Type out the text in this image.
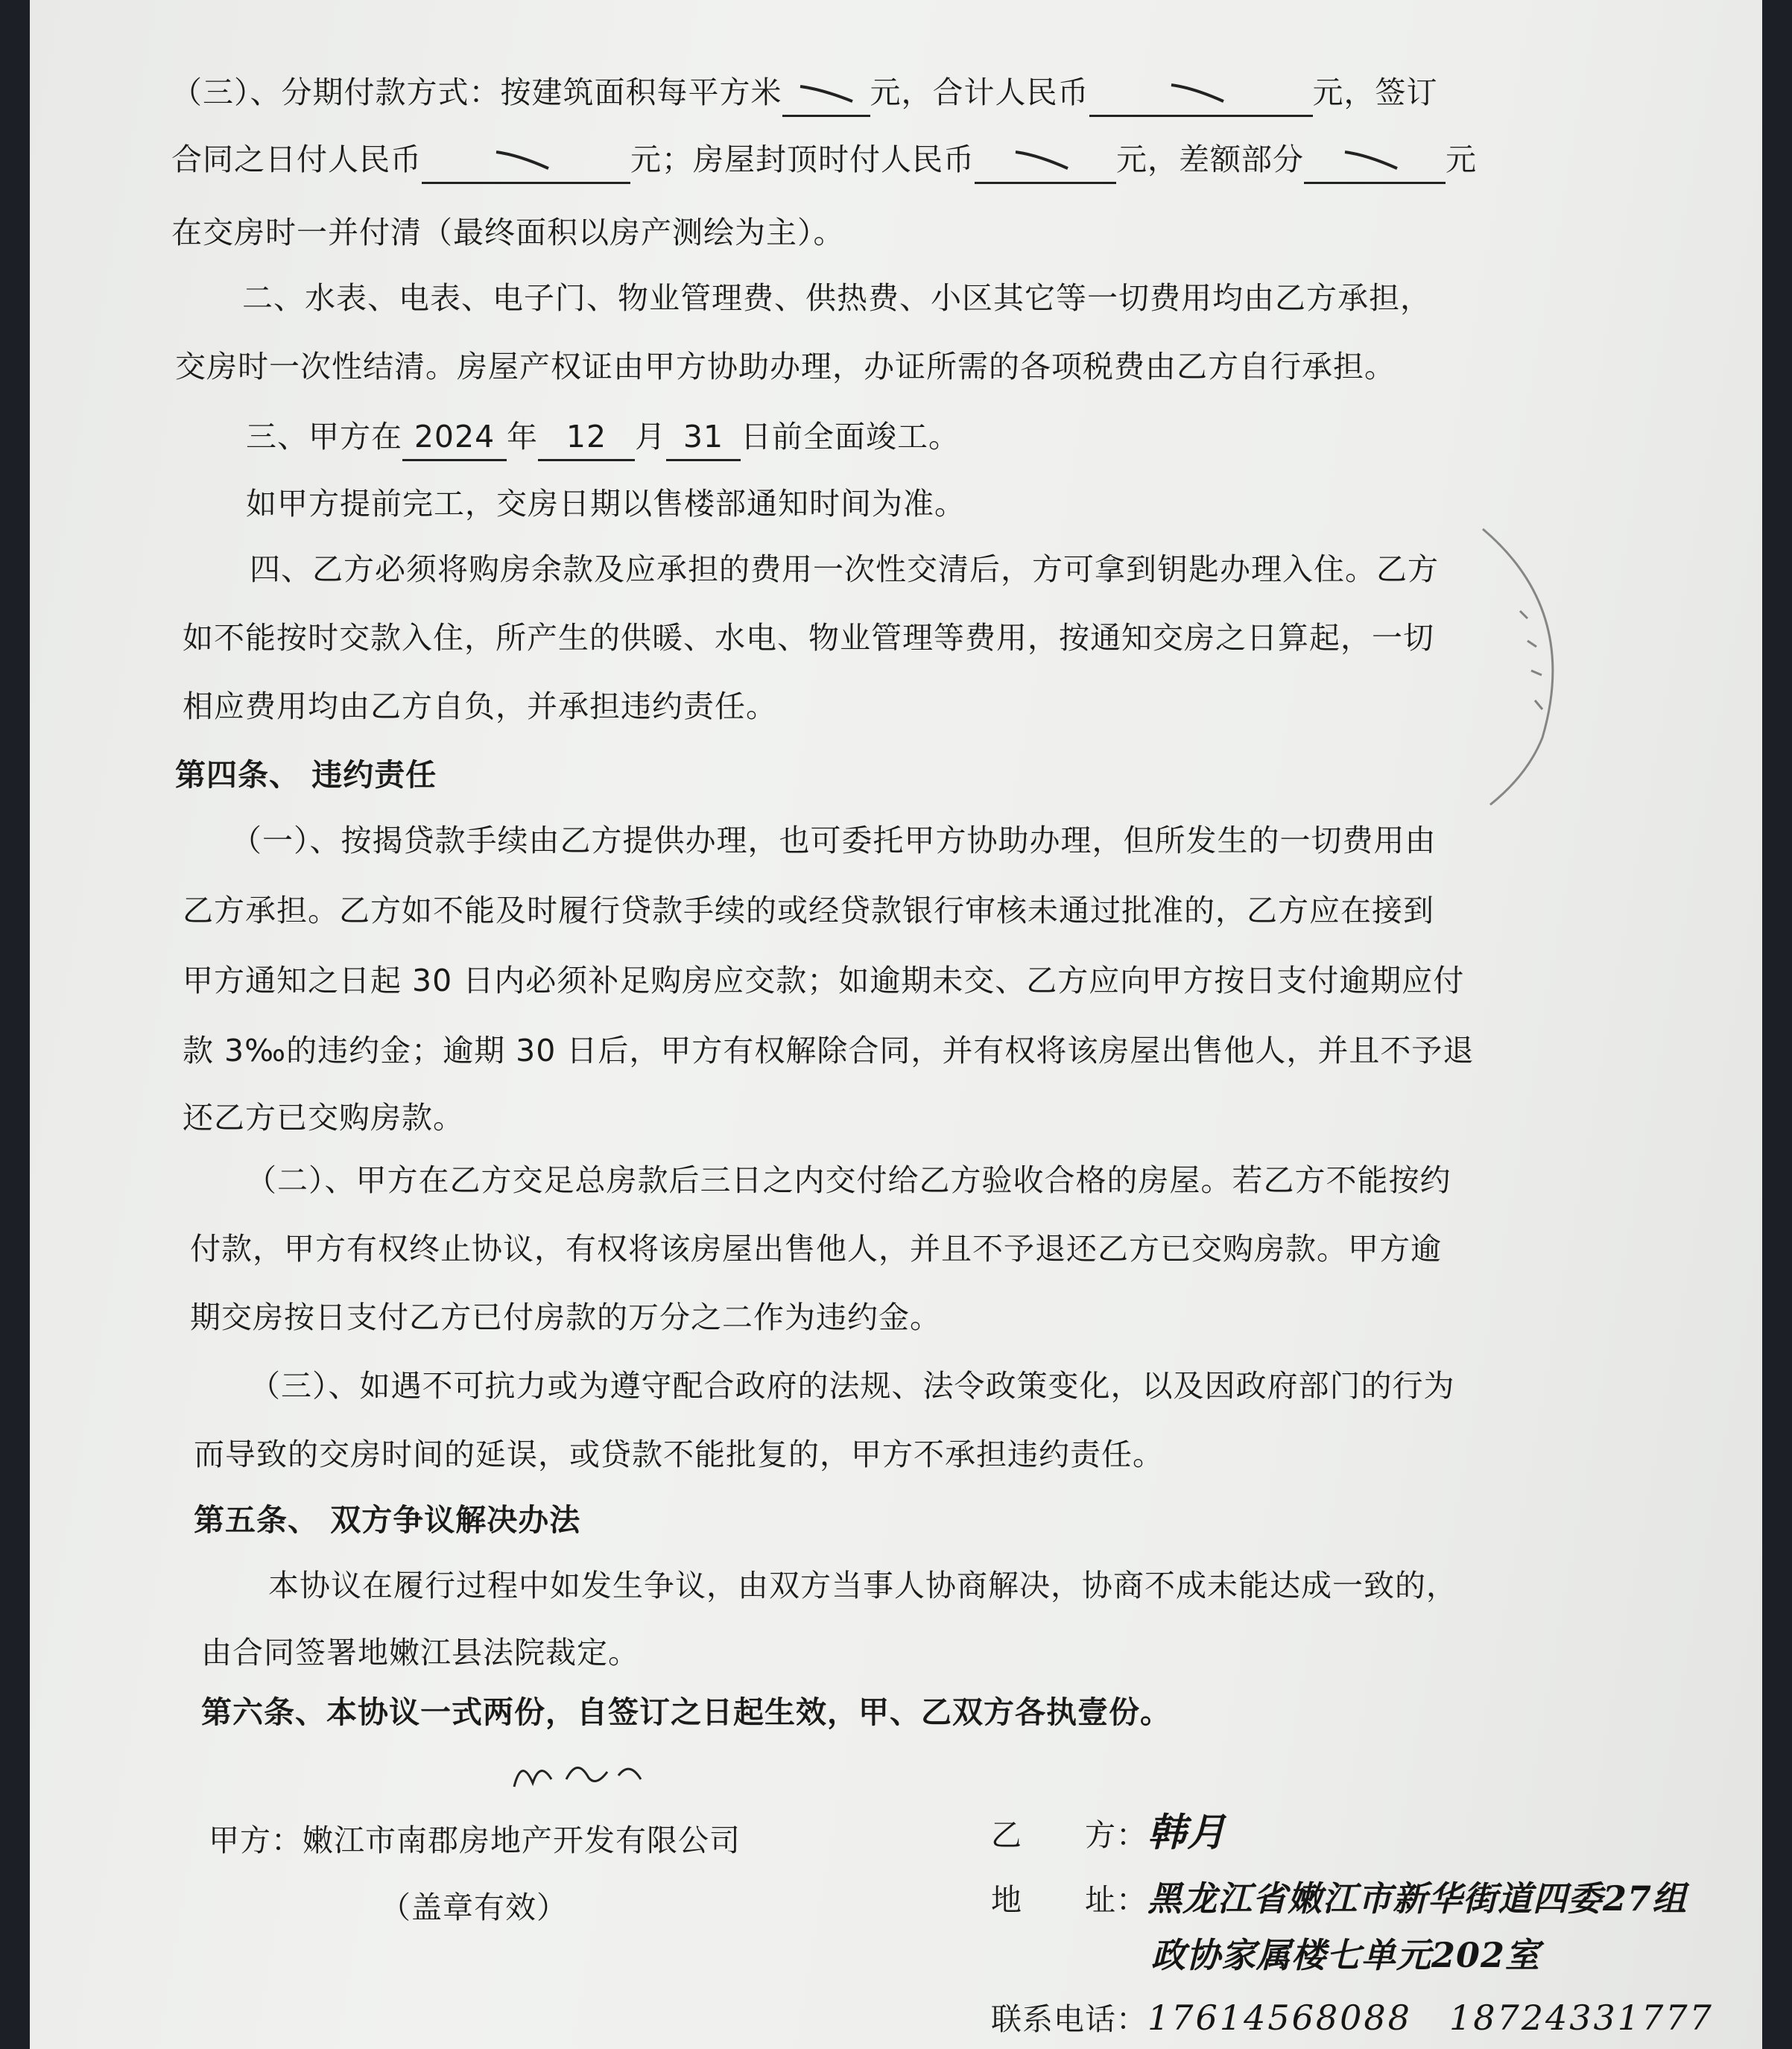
（三）、分期付款方式：按建筑面积每平方米	元，合计人民币	元，签订
合同之日付人民币	元；房屋封顶时付人民币	元，差额部分	元
在交房时一并付清（最终面积以房产测绘为主）。
二、水表、电表、电子门、物业管理费、供热费、小区其它等一切费用均由乙方承担，
交房时一次性结清。房屋产权证由甲方协助办理，办证所需的各项税费由乙方自行承担。
三、甲方在 2024 年 12 月 31 日前全面竣工。
如甲方提前完工，交房日期以售楼部通知时间为准。
四、乙方必须将购房余款及应承担的费用一次性交清后，方可拿到钥匙办理入住。乙方
如不能按时交款入住，所产生的供暖、水电、物业管理等费用，按通知交房之日算起，一切
相应费用均由乙方自负，并承担违约责任。
第四条、 违约责任
（一）、按揭贷款手续由乙方提供办理，也可委托甲方协助办理，但所发生的一切费用由
乙方承担。乙方如不能及时履行贷款手续的或经贷款银行审核未通过批准的，乙方应在接到
甲方通知之日起 30 日内必须补足购房应交款；如逾期未交、乙方应向甲方按日支付逾期应付
款 3‰的违约金；逾期 30 日后，甲方有权解除合同，并有权将该房屋出售他人，并且不予退
还乙方已交购房款。
（二）、甲方在乙方交足总房款后三日之内交付给乙方验收合格的房屋。若乙方不能按约
付款，甲方有权终止协议，有权将该房屋出售他人，并且不予退还乙方已交购房款。甲方逾
期交房按日支付乙方已付房款的万分之二作为违约金。
（三）、如遇不可抗力或为遵守配合政府的法规、法令政策变化，以及因政府部门的行为
而导致的交房时间的延误，或贷款不能批复的，甲方不承担违约责任。
第五条、 双方争议解决办法
本协议在履行过程中如发生争议，由双方当事人协商解决，协商不成未能达成一致的，
由合同签署地嫩江县法院裁定。
第六条、本协议一式两份，自签订之日起生效，甲、乙双方各执壹份。
甲方：嫩江市南郡房地产开发有限公司
（盖章有效）
乙　　方：韩月
地　　址：黑龙江省嫩江市新华街道四委27组
政协家属楼七单元202室
联系电话：17614568088 18724331777
